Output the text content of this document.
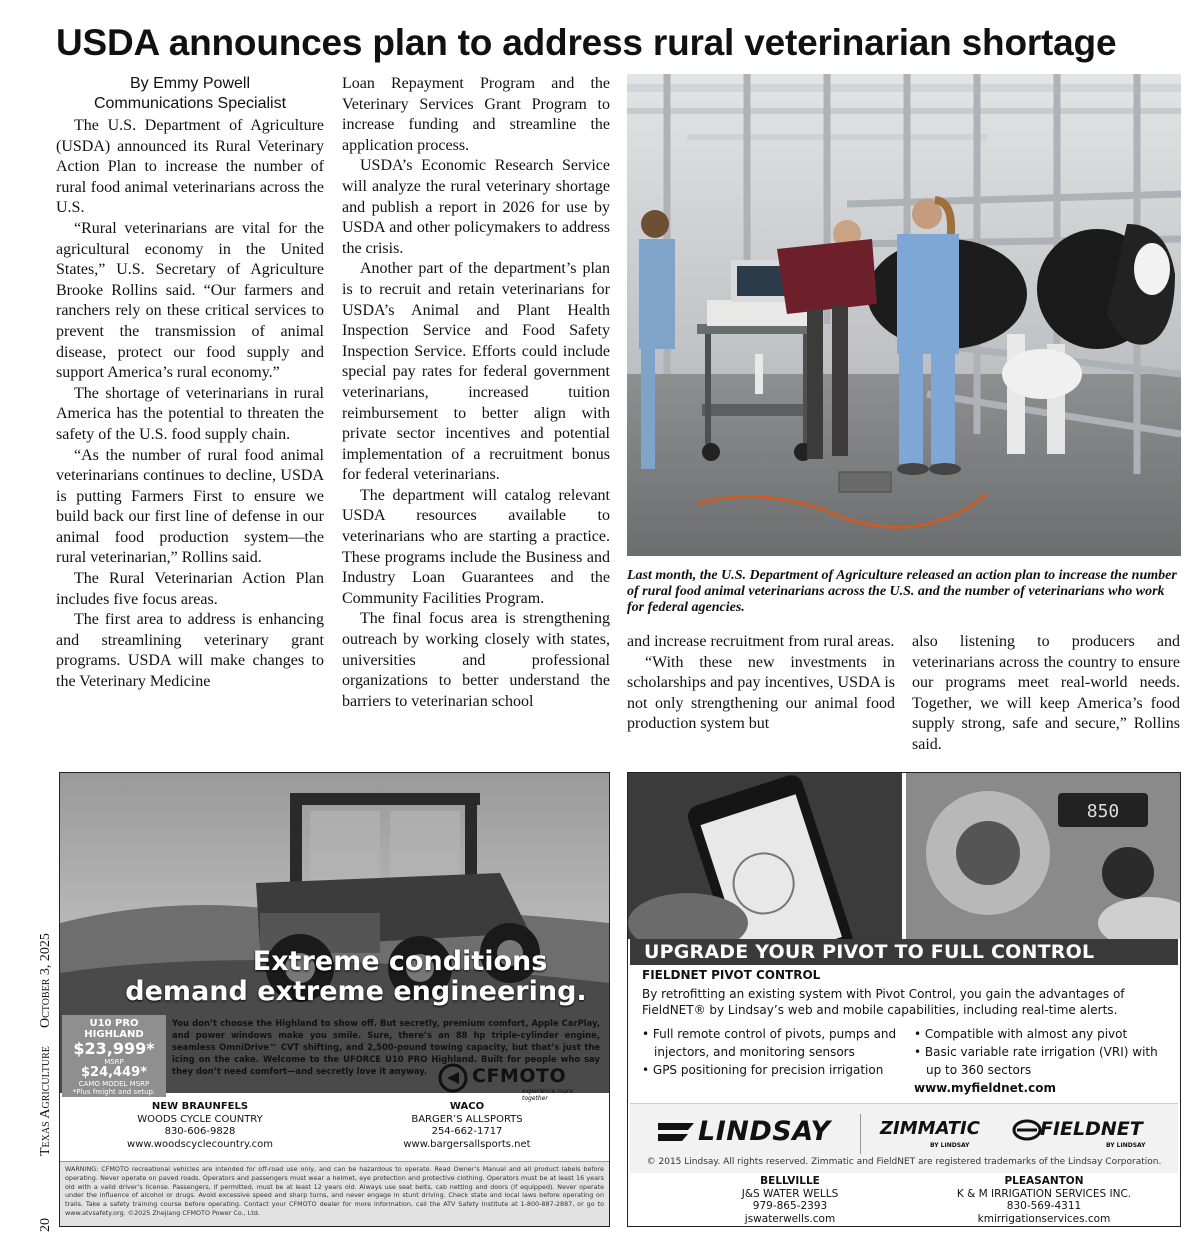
USDA announces plan to address rural veterinarian shortage
By Emmy Powell
Communications Specialist

The U.S. Department of Agriculture (USDA) announced its Rural Veterinary Action Plan to increase the number of rural food animal veterinarians across the U.S.

“Rural veterinarians are vital for the agricultural economy in the United States,” U.S. Secretary of Agriculture Brooke Rollins said. “Our farmers and ranchers rely on these critical services to prevent the transmission of animal disease, protect our food supply and support America’s rural economy.”

The shortage of veterinarians in rural America has the potential to threaten the safety of the U.S. food supply chain.

“As the number of rural food animal veterinarians continues to decline, USDA is putting Farmers First to ensure we build back our first line of defense in our animal food production system—the rural veterinarian,” Rollins said.

The Rural Veterinarian Action Plan includes five focus areas.

The first area to address is enhancing and streamlining veterinary grant programs. USDA will make changes to the Veterinary Medicine

Loan Repayment Program and the Veterinary Services Grant Program to increase funding and streamline the application process.

USDA’s Economic Research Service will analyze the rural veterinary shortage and publish a report in 2026 for use by USDA and other policymakers to address the crisis.

Another part of the department’s plan is to recruit and retain veterinarians for USDA’s Animal and Plant Health Inspection Service and Food Safety Inspection Service. Efforts could include special pay rates for federal government veterinarians, increased tuition reimbursement to better align with private sector incentives and potential implementation of a recruitment bonus for federal veterinarians.

The department will catalog relevant USDA resources available to veterinarians who are starting a practice. These programs include the Business and Industry Loan Guarantees and the Community Facilities Program.

The final focus area is strengthening outreach by working closely with states, universities and professional organizations to better understand the barriers to veterinarian school

Last month, the U.S. Department of Agriculture released an action plan to increase the number of rural food animal veterinarians across the U.S. and the number of veterinarians who work for federal agencies.

and increase recruitment from rural areas.

“With these new investments in scholarships and pay incentives, USDA is not only strengthening our animal food production system but

also listening to producers and veterinarians across the country to ensure our programs meet real-world needs. Together, we will keep America’s food supply strong, safe and secure,” Rollins said.

20
Texas Agriculture
October 3, 2025	Extreme conditions
demand extreme engineering.
U10 PRO HIGHLAND
$23,999*
MSRP
$24,449*
CAMO MODEL MSRP
*Plus freight and setup.
You don’t choose the Highland to show off. But secretly, premium comfort, Apple CarPlay, and power windows make you smile. Sure, there’s an 88 hp triple-cylinder engine, seamless OmniDrive™ CVT shifting, and 2,500-pound towing capacity, but that’s just the icing on the cake. Welcome to the UFORCE U10 PRO Highland. Built for people who say they don’t need comfort—and secretly love it anyway.	CFMOTO
experience more together
NEW BRAUNFELS
WOODS CYCLE COUNTRY
830-606-9828
www.woodscyclecountry.com
WACO
BARGER’S ALLSPORTS
254-662-1717
www.bargersallsports.net
WARNING: CFMOTO recreational vehicles are intended for off-road use only, and can be hazardous to operate. Read Owner’s Manual and all product labels before operating. Never operate on paved roads. Operators and passengers must wear a helmet, eye protection and protective clothing. Operators must be at least 16 years old with a valid driver’s license. Passengers, if permitted, must be at least 12 years old. Always use seat belts, cab netting and doors (if equipped). Never operate under the influence of alcohol or drugs. Avoid excessive speed and sharp turns, and never engage in stunt driving. Check state and local laws before operating on trails. Take a safety training course before operating. Contact your CFMOTO dealer for more information, call the ATV Safety Institute at 1-800-887-2887, or go to www.atvsafety.org. ©2025 Zhejiang CFMOTO Power Co., Ltd.
850
UPGRADE YOUR PIVOT TO FULL CONTROL
FIELDNET PIVOT CONTROL
By retrofitting an existing system with Pivot Control, you gain the advantages of FieldNET® by Lindsay’s web and mobile capabilities, including real-time alerts.
• Full remote control of pivots, pumps and injectors, and monitoring sensors
• GPS positioning for precision irrigation
• Compatible with almost any pivot
• Basic variable rate irrigation (VRI) with up to 360 sectors
www.myfieldnet.com
LINDSAY	ZIMMATIC
BY LINDSAY
FIELDNET
BY LINDSAY
© 2015 Lindsay. All rights reserved. Zimmatic and FieldNET are registered trademarks of the Lindsay Corporation.
BELLVILLE
J&S WATER WELLS
979-865-2393
jswaterwells.com
PLEASANTON
K & M IRRIGATION SERVICES INC.
830-569-4311
kmirrigationservices.com
